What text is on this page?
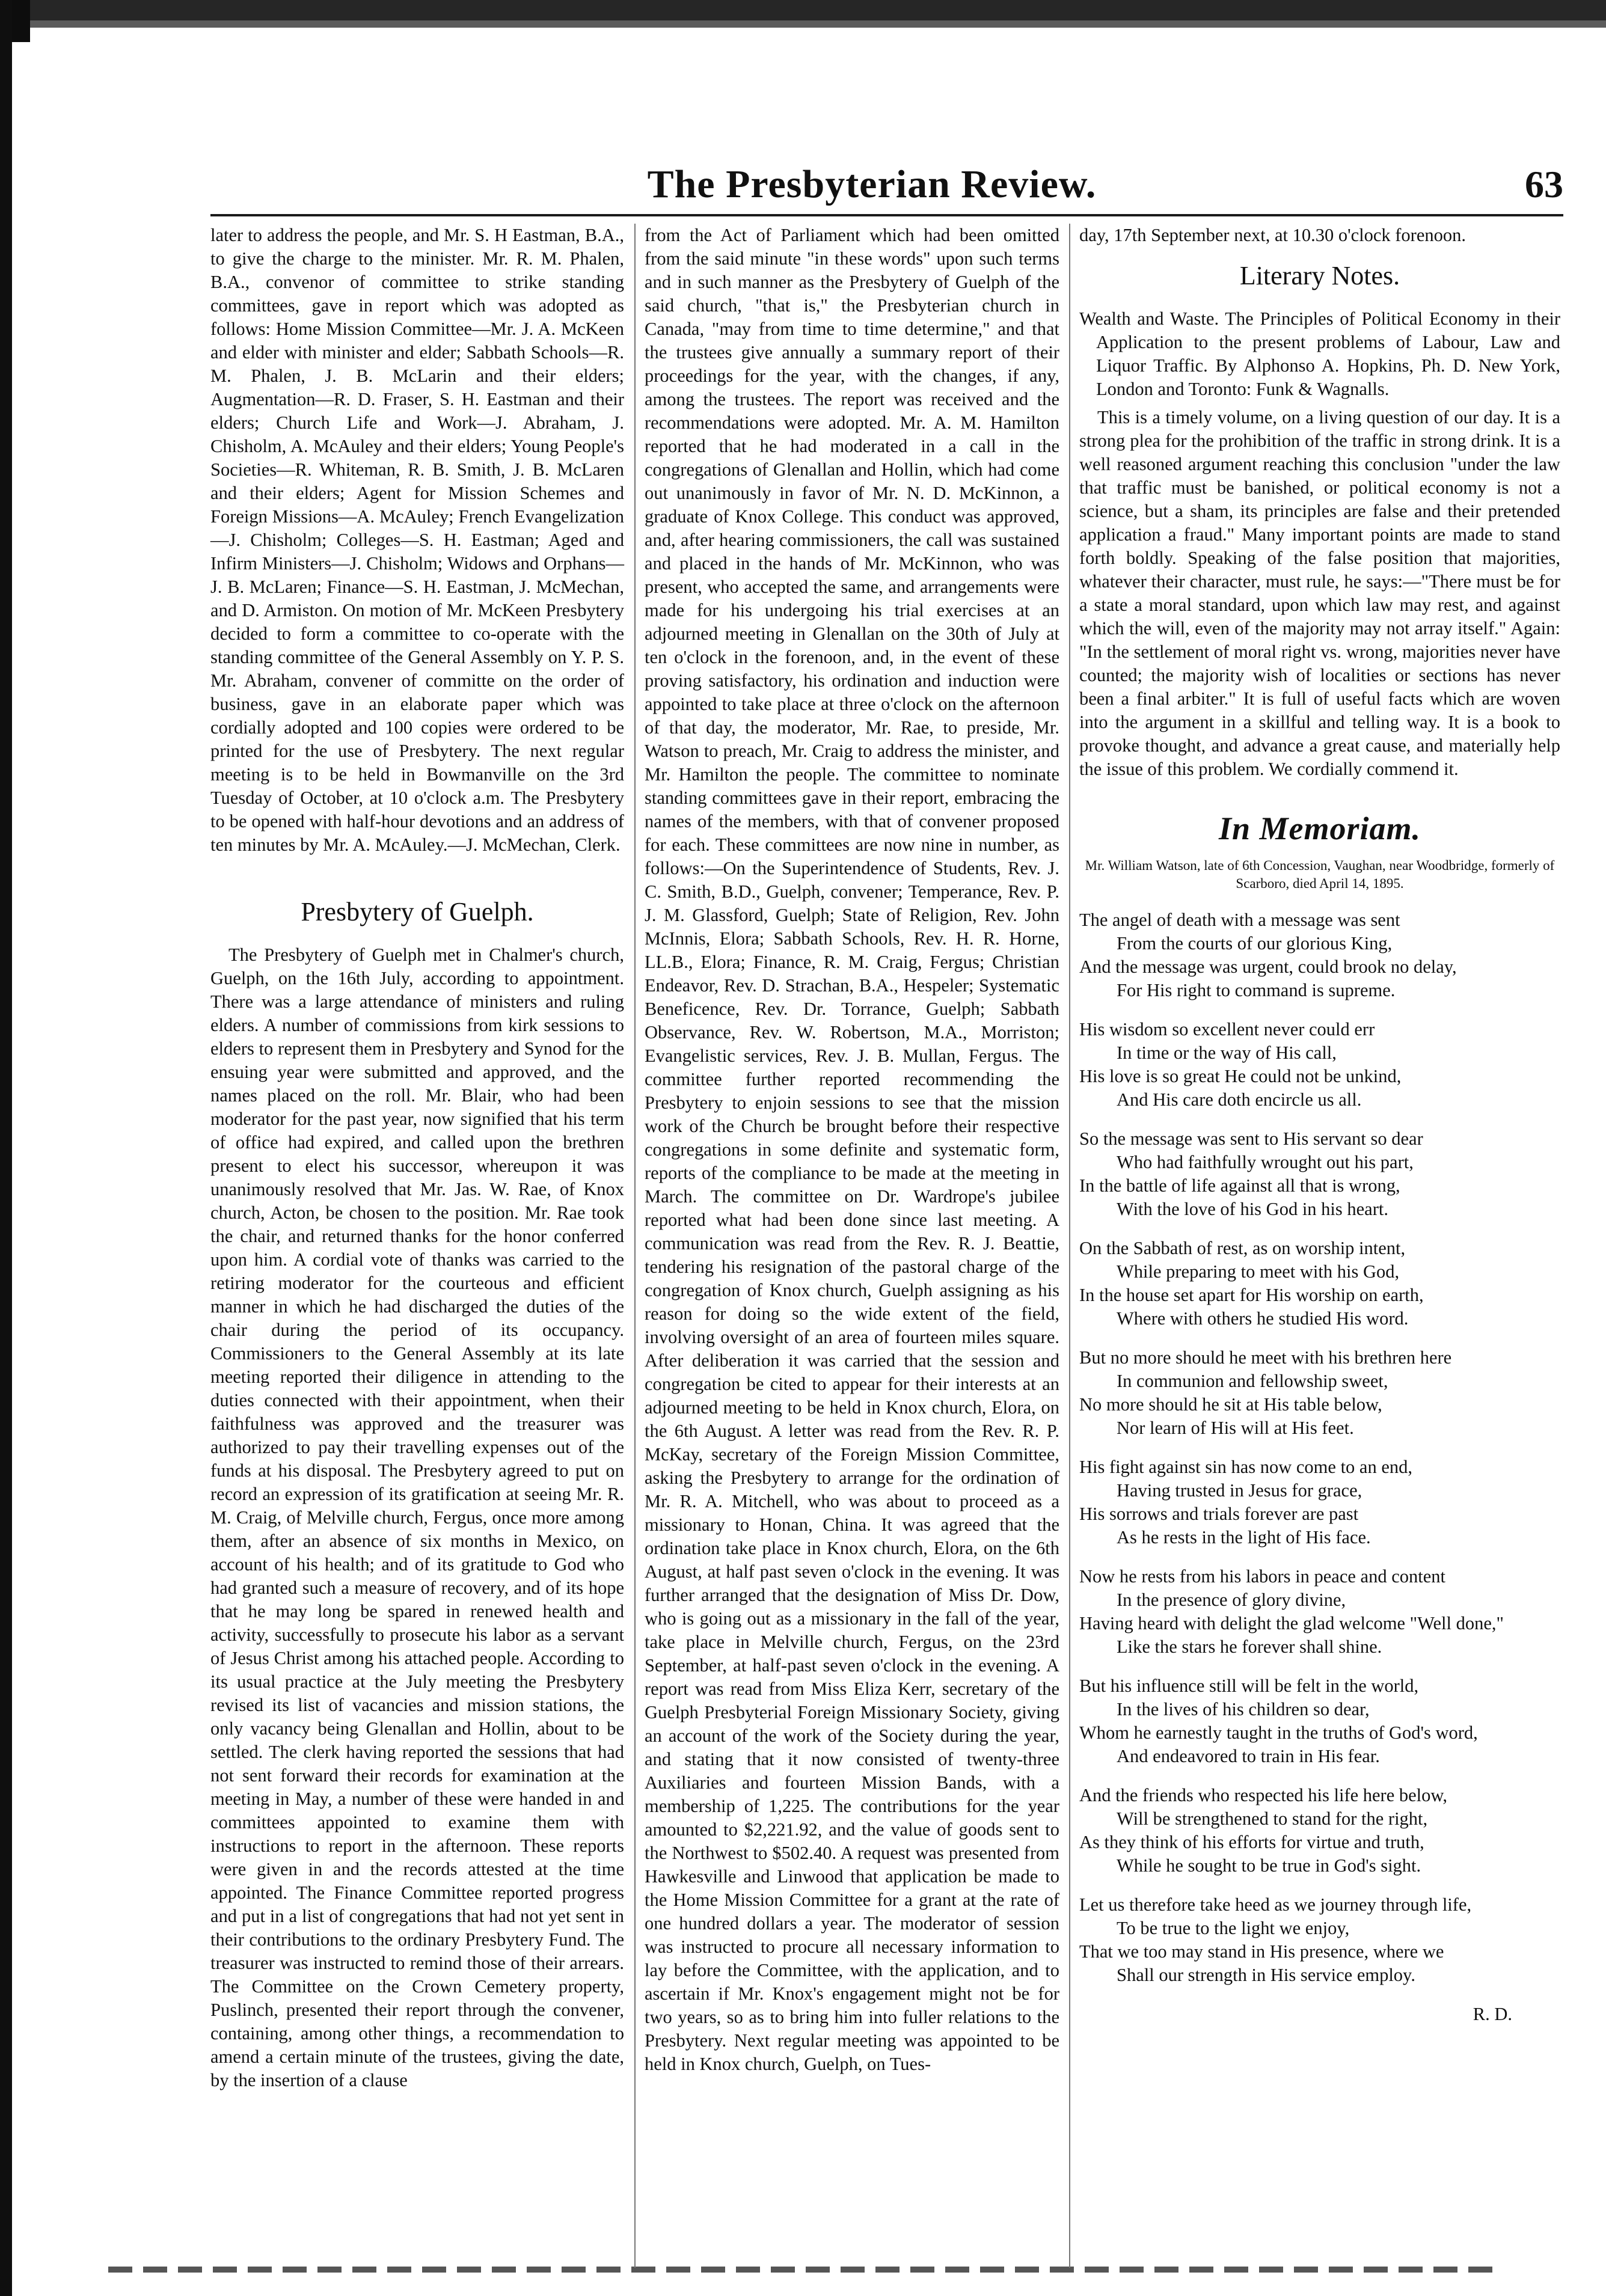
The Presbyterian Review.	63

later to address the people, and Mr. S. H Eastman, B.A., to give the charge to the minister. Mr. R. M. Phalen, B.A., convenor of committee to strike standing committees, gave in report which was adopted as follows: Home Mission Committee—Mr. J. A. McKeen and elder with minister and elder; Sabbath Schools—R. M. Phalen, J. B. McLarin and their elders; Augmentation—R. D. Fraser, S. H. Eastman and their elders; Church Life and Work—J. Abraham, J. Chisholm, A. McAuley and their elders; Young People's Societies—R. Whiteman, R. B. Smith, J. B. McLaren and their elders; Agent for Mission Schemes and Foreign Missions—A. McAuley; French Evangelization—J. Chisholm; Colleges—S. H. Eastman; Aged and Infirm Ministers—J. Chisholm; Widows and Orphans—J. B. McLaren; Finance—S. H. Eastman, J. McMechan, and D. Armiston. On motion of Mr. McKeen Presbytery decided to form a committee to co-operate with the standing committee of the General Assembly on Y. P. S. Mr. Abraham, convener of committe on the order of business, gave in an elaborate paper which was cordially adopted and 100 copies were ordered to be printed for the use of Presbytery. The next regular meeting is to be held in Bowmanville on the 3rd Tuesday of October, at 10 o'clock a.m. The Presbytery to be opened with half-hour devotions and an address of ten minutes by Mr. A. McAuley.—J. McMechan, Clerk.

Presbytery of Guelph.

The Presbytery of Guelph met in Chalmer's church, Guelph, on the 16th July, according to appointment. There was a large attendance of ministers and ruling elders. A number of commissions from kirk sessions to elders to represent them in Presbytery and Synod for the ensuing year were submitted and approved, and the names placed on the roll. Mr. Blair, who had been moderator for the past year, now signified that his term of office had expired, and called upon the brethren present to elect his successor, whereupon it was unanimously resolved that Mr. Jas. W. Rae, of Knox church, Acton, be chosen to the position. Mr. Rae took the chair, and returned thanks for the honor conferred upon him. A cordial vote of thanks was carried to the retiring moderator for the courteous and efficient manner in which he had discharged the duties of the chair during the period of its occupancy. Commissioners to the General Assembly at its late meeting reported their diligence in attending to the duties connected with their appointment, when their faithfulness was approved and the treasurer was authorized to pay their travelling expenses out of the funds at his disposal. The Presbytery agreed to put on record an expression of its gratification at seeing Mr. R. M. Craig, of Melville church, Fergus, once more among them, after an absence of six months in Mexico, on account of his health; and of its gratitude to God who had granted such a measure of recovery, and of its hope that he may long be spared in renewed health and activity, successfully to prosecute his labor as a servant of Jesus Christ among his attached people. According to its usual practice at the July meeting the Presbytery revised its list of vacancies and mission stations, the only vacancy being Glenallan and Hollin, about to be settled. The clerk having reported the sessions that had not sent forward their records for examination at the meeting in May, a number of these were handed in and committees appointed to examine them with instructions to report in the afternoon. These reports were given in and the records attested at the time appointed. The Finance Committee reported progress and put in a list of congregations that had not yet sent in their contributions to the ordinary Presbytery Fund. The treasurer was instructed to remind those of their arrears. The Committee on the Crown Cemetery property, Puslinch, presented their report through the convener, containing, among other things, a recommendation to amend a certain minute of the trustees, giving the date, by the insertion of a clause

from the Act of Parliament which had been omitted from the said minute "in these words" upon such terms and in such manner as the Presbytery of Guelph of the said church, "that is," the Presbyterian church in Canada, "may from time to time determine," and that the trustees give annually a summary report of their proceedings for the year, with the changes, if any, among the trustees. The report was received and the recommendations were adopted. Mr. A. M. Hamilton reported that he had moderated in a call in the congregations of Glenallan and Hollin, which had come out unanimously in favor of Mr. N. D. McKinnon, a graduate of Knox College. This conduct was approved, and, after hearing commissioners, the call was sustained and placed in the hands of Mr. McKinnon, who was present, who accepted the same, and arrangements were made for his undergoing his trial exercises at an adjourned meeting in Glenallan on the 30th of July at ten o'clock in the forenoon, and, in the event of these proving satisfactory, his ordination and induction were appointed to take place at three o'clock on the afternoon of that day, the moderator, Mr. Rae, to preside, Mr. Watson to preach, Mr. Craig to address the minister, and Mr. Hamilton the people. The committee to nominate standing committees gave in their report, embracing the names of the members, with that of convener proposed for each. These committees are now nine in number, as follows:—On the Superintendence of Students, Rev. J. C. Smith, B.D., Guelph, convener; Temperance, Rev. P. J. M. Glassford, Guelph; State of Religion, Rev. John McInnis, Elora; Sabbath Schools, Rev. H. R. Horne, LL.B., Elora; Finance, R. M. Craig, Fergus; Christian Endeavor, Rev. D. Strachan, B.A., Hespeler; Systematic Beneficence, Rev. Dr. Torrance, Guelph; Sabbath Observance, Rev. W. Robertson, M.A., Morriston; Evangelistic services, Rev. J. B. Mullan, Fergus. The committee further reported recommending the Presbytery to enjoin sessions to see that the mission work of the Church be brought before their respective congregations in some definite and systematic form, reports of the compliance to be made at the meeting in March. The committee on Dr. Wardrope's jubilee reported what had been done since last meeting. A communication was read from the Rev. R. J. Beattie, tendering his resignation of the pastoral charge of the congregation of Knox church, Guelph assigning as his reason for doing so the wide extent of the field, involving oversight of an area of fourteen miles square. After deliberation it was carried that the session and congregation be cited to appear for their interests at an adjourned meeting to be held in Knox church, Elora, on the 6th August. A letter was read from the Rev. R. P. McKay, secretary of the Foreign Mission Committee, asking the Presbytery to arrange for the ordination of Mr. R. A. Mitchell, who was about to proceed as a missionary to Honan, China. It was agreed that the ordination take place in Knox church, Elora, on the 6th August, at half past seven o'clock in the evening. It was further arranged that the designation of Miss Dr. Dow, who is going out as a missionary in the fall of the year, take place in Melville church, Fergus, on the 23rd September, at half-past seven o'clock in the evening. A report was read from Miss Eliza Kerr, secretary of the Guelph Presbyterial Foreign Missionary Society, giving an account of the work of the Society during the year, and stating that it now consisted of twenty-three Auxiliaries and fourteen Mission Bands, with a membership of 1,225. The contributions for the year amounted to $2,221.92, and the value of goods sent to the Northwest to $502.40. A request was presented from Hawkesville and Linwood that application be made to the Home Mission Committee for a grant at the rate of one hundred dollars a year. The moderator of session was instructed to procure all necessary information to lay before the Committee, with the application, and to ascertain if Mr. Knox's engagement might not be for two years, so as to bring him into fuller relations to the Presbytery. Next regular meeting was appointed to be held in Knox church, Guelph, on Tues-

day, 17th September next, at 10.30 o'clock forenoon.

Literary Notes.

Wealth and Waste. The Principles of Political Economy in their Application to the present problems of Labour, Law and Liquor Traffic. By Alphonso A. Hopkins, Ph. D. New York, London and Toronto: Funk & Wagnalls.

This is a timely volume, on a living question of our day. It is a strong plea for the prohibition of the traffic in strong drink. It is a well reasoned argument reaching this conclusion "under the law that traffic must be banished, or political economy is not a science, but a sham, its principles are false and their pretended application a fraud." Many important points are made to stand forth boldly. Speaking of the false position that majorities, whatever their character, must rule, he says:—"There must be for a state a moral standard, upon which law may rest, and against which the will, even of the majority may not array itself." Again: "In the settlement of moral right vs. wrong, majorities never have counted; the majority wish of localities or sections has never been a final arbiter." It is full of useful facts which are woven into the argument in a skillful and telling way. It is a book to provoke thought, and advance a great cause, and materially help the issue of this problem. We cordially commend it.

In Memoriam.

Mr. William Watson, late of 6th Concession, Vaughan, near Woodbridge, formerly of Scarboro, died April 14, 1895.

The angel of death with a message was sent

From the courts of our glorious King,

And the message was urgent, could brook no delay,

For His right to command is supreme.

His wisdom so excellent never could err

In time or the way of His call,

His love is so great He could not be unkind,

And His care doth encircle us all.

So the message was sent to His servant so dear

Who had faithfully wrought out his part,

In the battle of life against all that is wrong,

With the love of his God in his heart.

On the Sabbath of rest, as on worship intent,

While preparing to meet with his God,

In the house set apart for His worship on earth,

Where with others he studied His word.

But no more should he meet with his brethren here

In communion and fellowship sweet,

No more should he sit at His table below,

Nor learn of His will at His feet.

His fight against sin has now come to an end,

Having trusted in Jesus for grace,

His sorrows and trials forever are past

As he rests in the light of His face.

Now he rests from his labors in peace and content

In the presence of glory divine,

Having heard with delight the glad welcome "Well done,"

Like the stars he forever shall shine.

But his influence still will be felt in the world,

In the lives of his children so dear,

Whom he earnestly taught in the truths of God's word,

And endeavored to train in His fear.

And the friends who respected his life here below,

Will be strengthened to stand for the right,

As they think of his efforts for virtue and truth,

While he sought to be true in God's sight.

Let us therefore take heed as we journey through life,

To be true to the light we enjoy,

That we too may stand in His presence, where we

Shall our strength in His service employ.

R. D.
